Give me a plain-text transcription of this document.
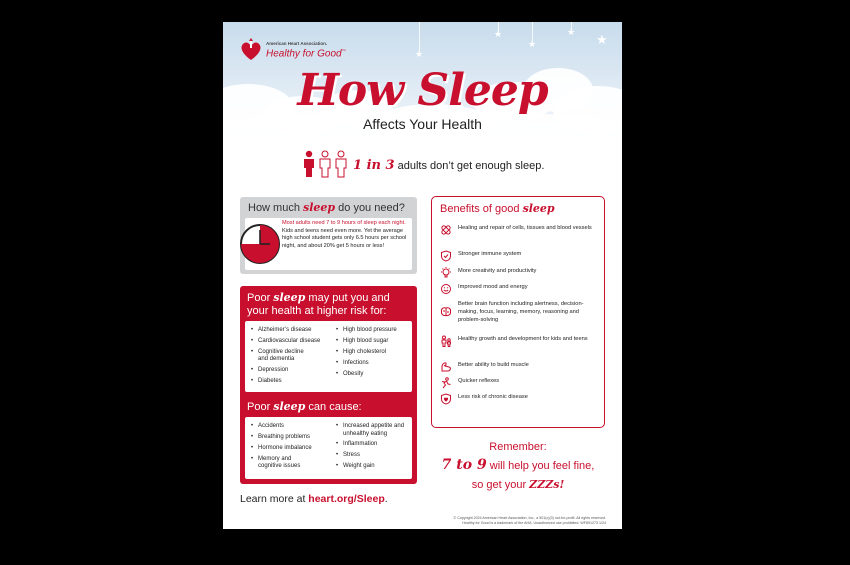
★
★
★
★
★
American Heart Association.
Healthy for Good™
How Sleep
Affects Your Health
1 in 3 adults don’t get enough sleep.
How much sleep do you need?
Most adults need 7 to 9 hours of sleep each night. Kids and teens need even more. Yet the average high school student gets only 6.5 hours per school night, and about 20% get 5 hours or less!
Poor sleep may put you and your health at higher risk for:
• Alzheimer’s disease
• Cardiovascular disease
• Cognitive decline and dementia
• Depression
• Diabetes
• High blood pressure
• High blood sugar
• High cholesterol
• Infections
• Obesity
Poor sleep can cause:
• Accidents
• Breathing problems
• Hormone imbalance
• Memory and cognitive issues
• Increased appetite and unhealthy eating
• Inflammation
• Stress
• Weight gain
Learn more at heart.org/Sleep.
Benefits of good sleep
Healing and repair of cells, tissues and blood vessels
Stronger immune system
More creativity and productivity
Improved mood and energy
Better brain function including alertness, decision-making, focus, learning, memory, reasoning and problem-solving
Healthy growth and development for kids and teens
Better ability to build muscle
Quicker reflexes
Less risk of chronic disease
Remember:
7 to 9 will help you feel fine,
so get your ZZZs!
© Copyright 2024 American Heart Association, Inc., a 501(c)(3) not-for-profit. All rights reserved.
Healthy for Good is a trademark of the AHA. Unauthorized use prohibited. WF891273 1/24
